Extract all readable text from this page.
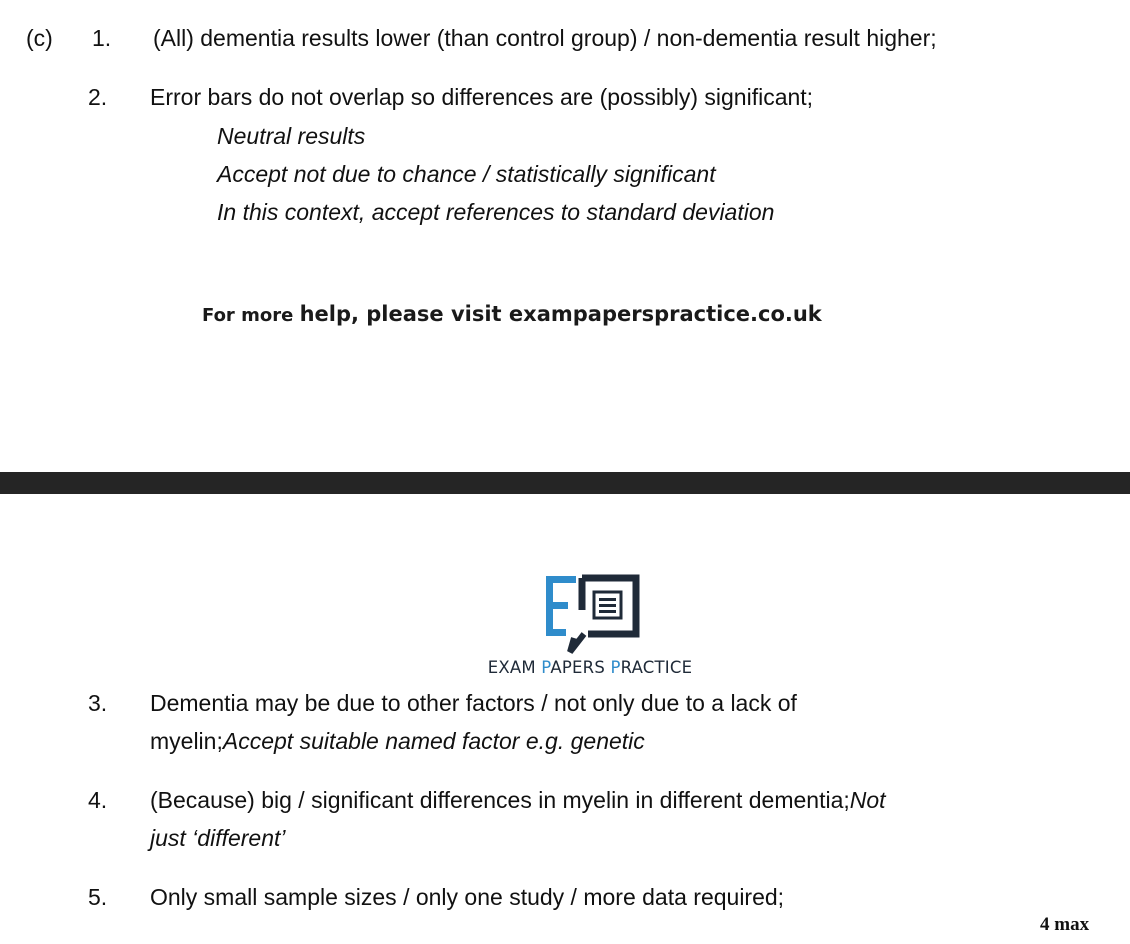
(c) 1. (All) dementia results lower (than control group) / non-dementia result higher;
2. Error bars do not overlap so differences are (possibly) significant;
Neutral results
Accept not due to chance / statistically significant
In this context, accept references to standard deviation
For more help, please visit exampaperspractice.co.uk
EXAM PAPERS PRACTICE
3. Dementia may be due to other factors / not only due to a lack of
myelin;Accept suitable named factor e.g. genetic
4. (Because) big / significant differences in myelin in different dementia;Not
just ‘different’
5. Only small sample sizes / only one study / more data required;
4 max
